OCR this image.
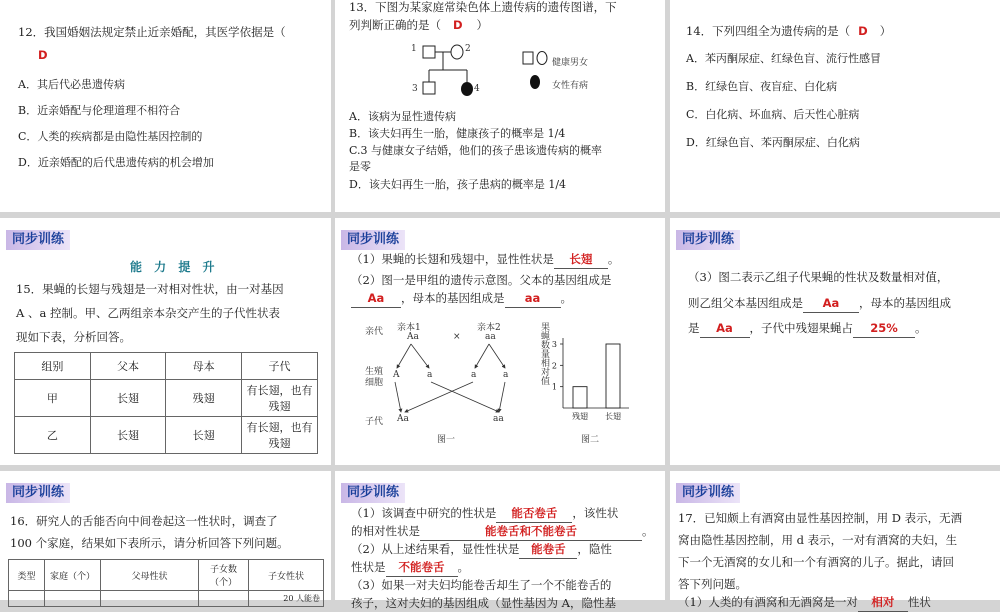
12．我国婚姻法规定禁止近亲婚配，其医学依据是（
D
A．其后代必患遗传病
B．近亲婚配与伦理道理不相符合
C．人类的疾病都是由隐性基因控制的
D．近亲婚配的后代患遗传病的机会增加
13．下图为某家庭常染色体上遗传病的遗传图谱，下
列判断正确的是（ D ）
1	2
3	4
健康男女
女性有病
A．该病为显性遗传病
B．该夫妇再生一胎，健康孩子的概率是 1/4
C.3 与健康女子结婚，他们的孩子患该遗传病的概率
是零
D．该夫妇再生一胎，孩子患病的概率是 1/4
14．下列四组全为遗传病的是（ D ）
A．苯丙酮尿症、红绿色盲、流行性感冒
B．红绿色盲、夜盲症、白化病
C．白化病、坏血病、后天性心脏病
D．红绿色盲、苯丙酮尿症、白化病
同步训练
能 力 提 升
15．果蝇的长翅与残翅是一对相对性状，由一对基因
A 、a 控制。甲、乙两组亲本杂交产生的子代性状表
现如下表，分析回答。
组别	父本	母本	子代
甲	长翅	残翅	有长翅，也有残翅
乙	长翅	长翅	有长翅，也有残翅
同步训练
（1）果蝇的长翅和残翅中，显性性状是 长翅 。
（2）图一是甲组的遗传示意图。父本的基因组成是
Aa ，母本的基因组成是 aa 。
亲代 亲本1	亲本2
Aa	×	aa
生殖
细胞
A	a	a	a
子代 Aa	aa
图一
果蝇数量相对值
1
2
3
残翅 长翅
图二
同步训练
（3）图二表示乙组子代果蝇的性状及数量相对值，
则乙组父本基因组成是 Aa ，母本的基因组成
是 Aa ，子代中残翅果蝇占 25% 。
同步训练
16．研究人的舌能否向中间卷起这一性状时，调查了
100 个家庭，结果如下表所示，请分析回答下列问题。
类型	家庭（个）	父母性状	子女数（个）	子女性状
				20 人能卷
同步训练
（1）该调查中研究的性状是 能否卷舌 ，该性状
的相对性状是	能卷舌和不能卷舌	。
（2）从上述结果看，显性性状是 能卷舌 ，隐性
性状是 不能卷舌 。
（3）如果一对夫妇均能卷舌却生了一个不能卷舌的
孩子，这对夫妇的基因组成（显性基因为 A，隐性基
同步训练
17．已知颇上有酒窝由显性基因控制，用 D 表示，无酒
窝由隐性基因控制，用 d 表示，一对有酒窝的夫妇，生
下一个无酒窝的女儿和一个有酒窝的儿子。据此，请回
答下列问题。
（1）人类的有酒窝和无酒窝是一对 相对 性状
